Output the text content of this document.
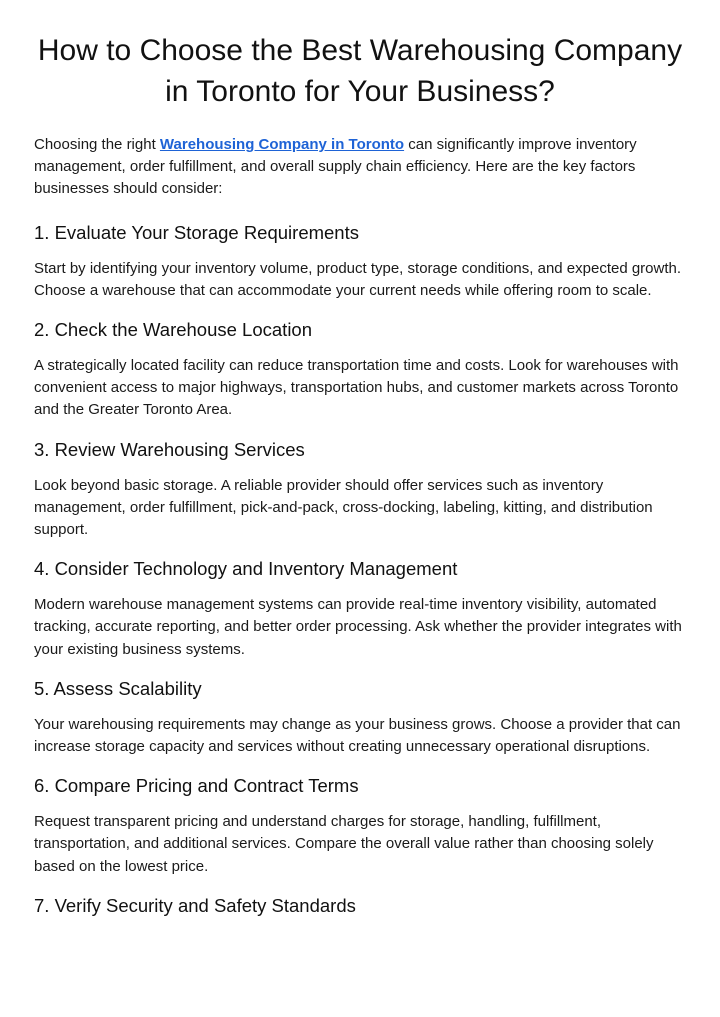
How to Choose the Best Warehousing Company in Toronto for Your Business?

Choosing the right Warehousing Company in Toronto can significantly improve inventory management, order fulfillment, and overall supply chain efficiency. Here are the key factors businesses should consider:

1. Evaluate Your Storage Requirements

Start by identifying your inventory volume, product type, storage conditions, and expected growth. Choose a warehouse that can accommodate your current needs while offering room to scale.

2. Check the Warehouse Location

A strategically located facility can reduce transportation time and costs. Look for warehouses with convenient access to major highways, transportation hubs, and customer markets across Toronto and the Greater Toronto Area.

3. Review Warehousing Services

Look beyond basic storage. A reliable provider should offer services such as inventory management, order fulfillment, pick-and-pack, cross-docking, labeling, kitting, and distribution support.

4. Consider Technology and Inventory Management

Modern warehouse management systems can provide real-time inventory visibility, automated tracking, accurate reporting, and better order processing. Ask whether the provider integrates with your existing business systems.

5. Assess Scalability

Your warehousing requirements may change as your business grows. Choose a provider that can increase storage capacity and services without creating unnecessary operational disruptions.

6. Compare Pricing and Contract Terms

Request transparent pricing and understand charges for storage, handling, fulfillment, transportation, and additional services. Compare the overall value rather than choosing solely based on the lowest price.

7. Verify Security and Safety Standards
